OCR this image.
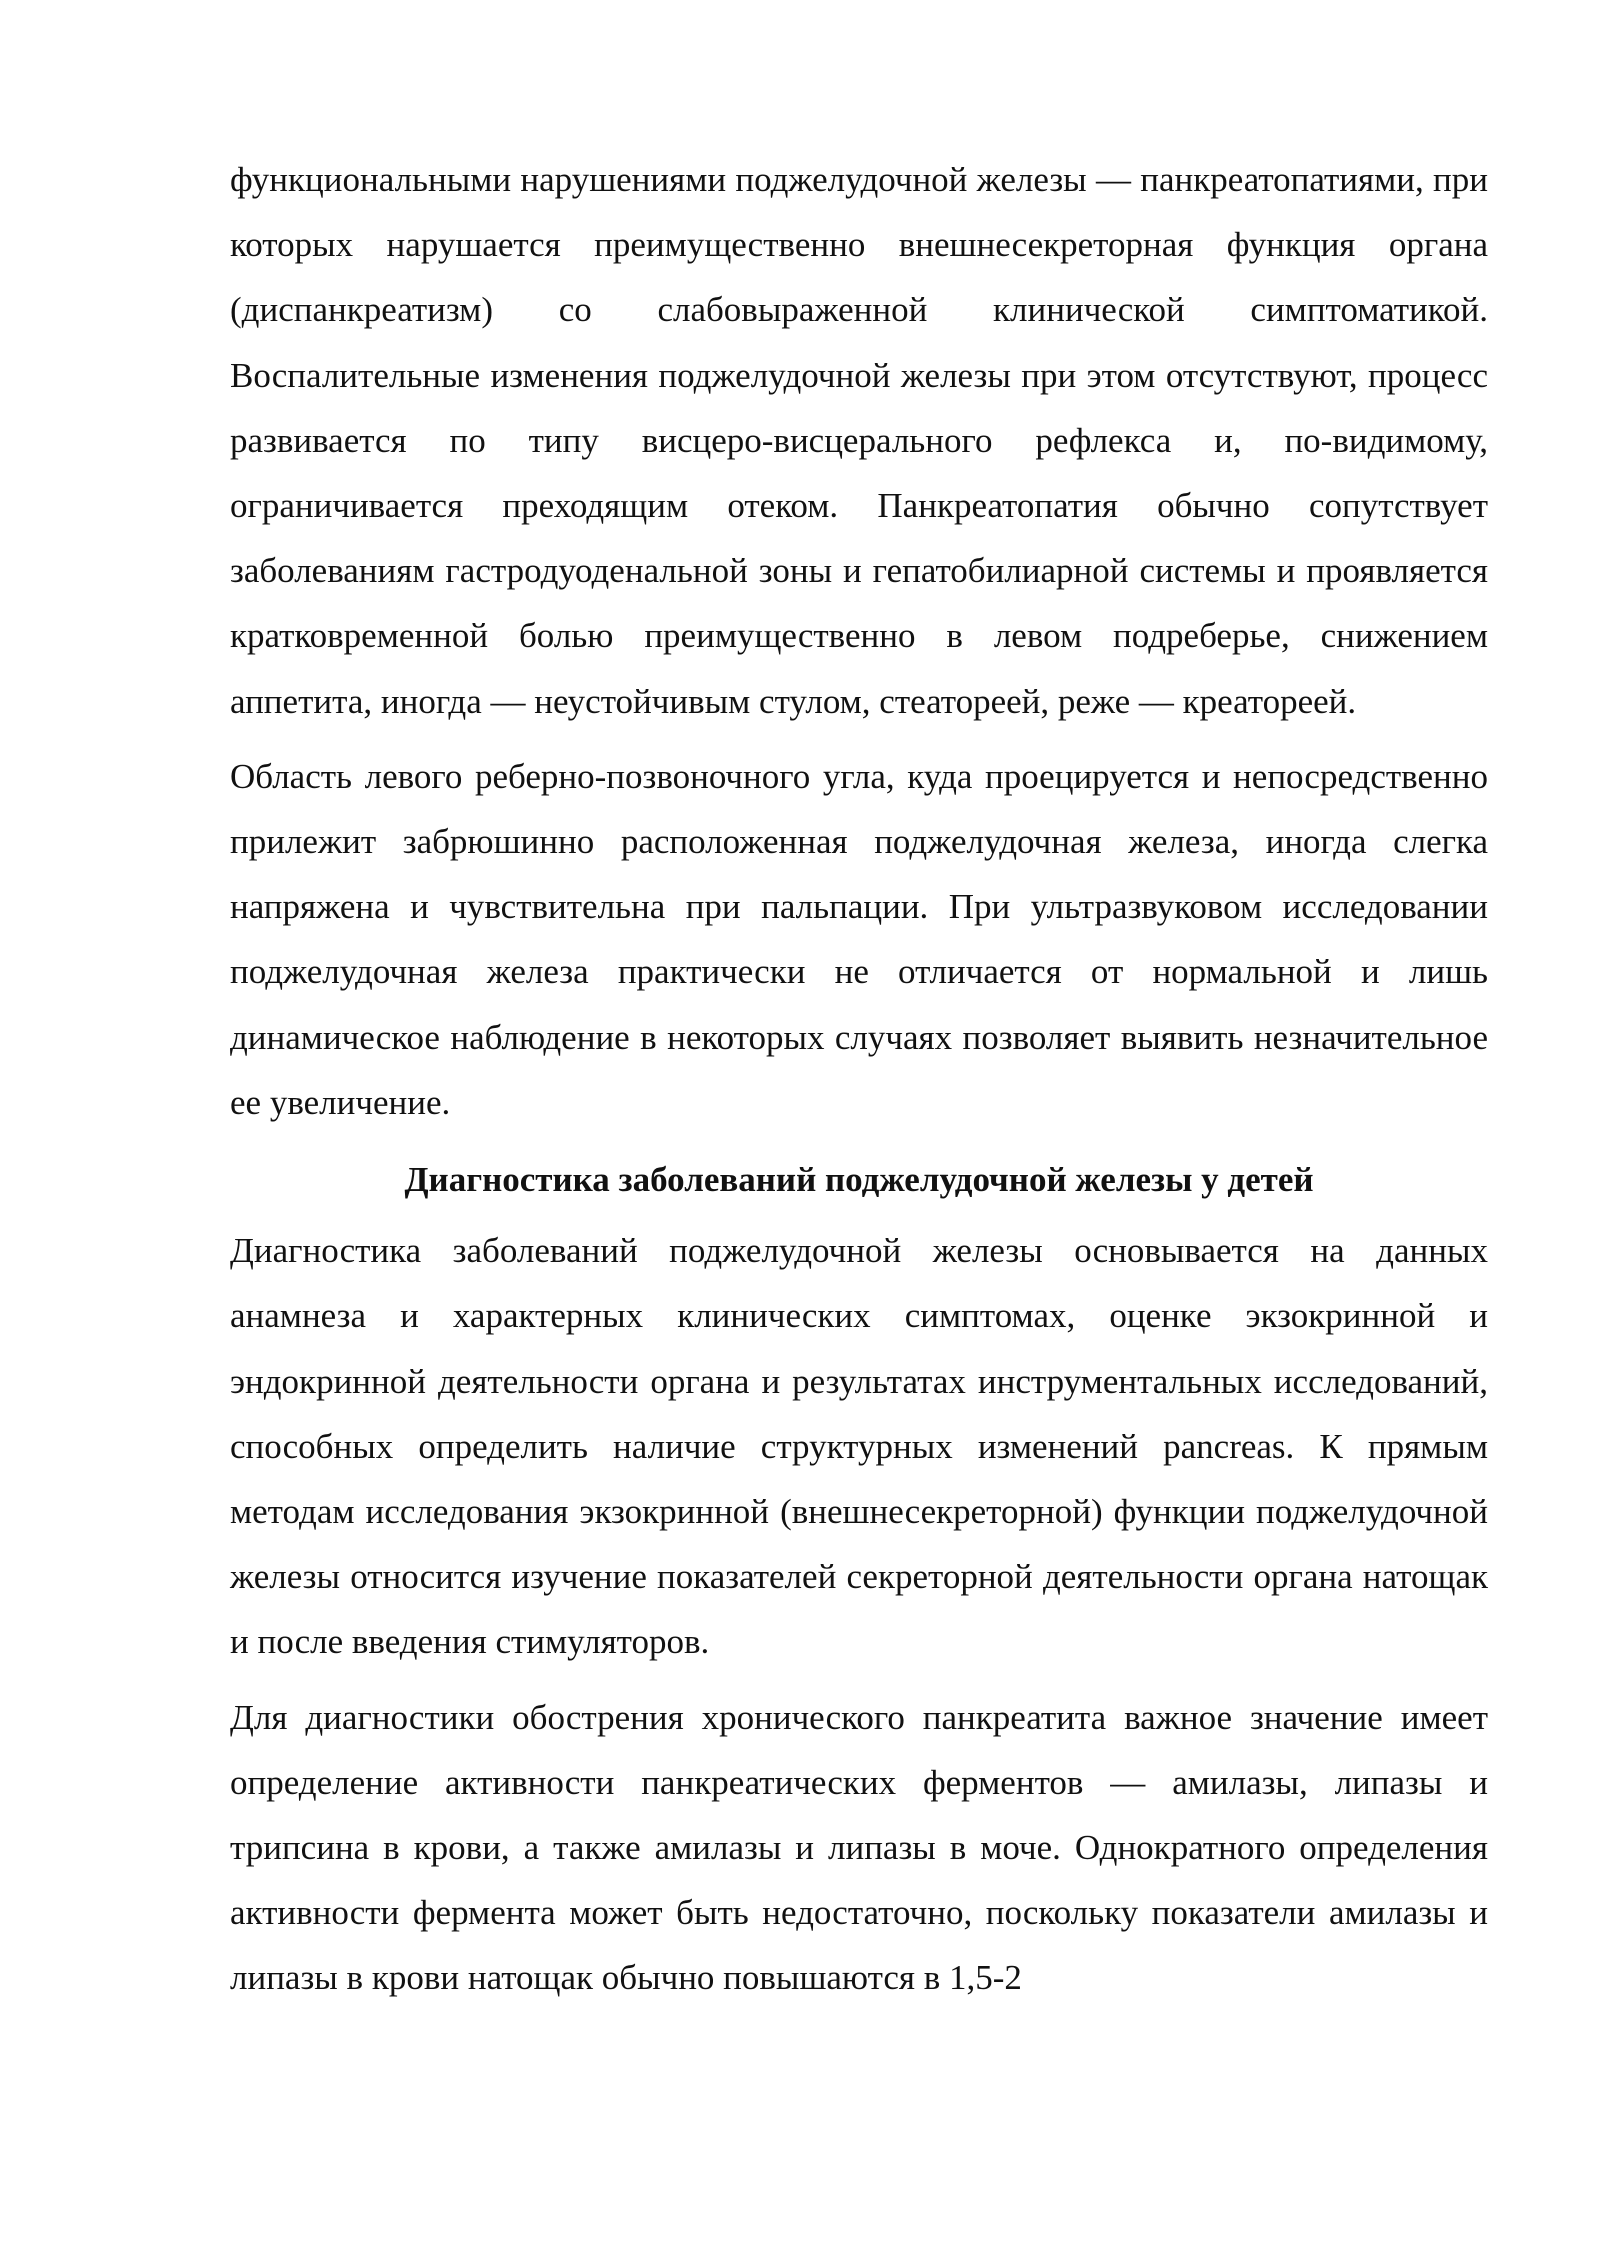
функциональными нарушениями поджелудочной железы — панкреатопатиями, при которых нарушается преимущественно внешнесекреторная функция органа (диспанкреатизм) со слабовыраженной клинической симптоматикой. Воспалительные изменения поджелудочной железы при этом отсутствуют, процесс развивается по типу висцеро-висцерального рефлекса и, по-видимому, ограничивается преходящим отеком. Панкреатопатия обычно сопутствует заболеваниям гастродуоденальной зоны и гепатобилиарной системы и проявляется кратковременной болью преимущественно в левом подреберье, снижением аппетита, иногда — неустойчивым стулом, стеатореей, реже — креатореей.

Область левого реберно-позвоночного угла, куда проецируется и непосредственно прилежит забрюшинно расположенная поджелудочная железа, иногда слегка напряжена и чувствительна при пальпации. При ультразвуковом исследовании поджелудочная железа практически не отличается от нормальной и лишь динамическое наблюдение в некоторых случаях позволяет выявить незначительное ее увеличение.

Диагностика заболеваний поджелудочной железы у детей

Диагностика заболеваний поджелудочной железы основывается на данных анамнеза и характерных клинических симптомах, оценке экзокринной и эндокринной деятельности органа и результатах инструментальных исследований, способных определить наличие структурных изменений pancreas. К прямым методам исследования экзокринной (внешнесекреторной) функции поджелудочной железы относится изучение показателей секреторной деятельности органа натощак и после введения стимуляторов.

Для диагностики обострения хронического панкреатита важное значение имеет определение активности панкреатических ферментов — амилазы, липазы и трипсина в крови, а также амилазы и липазы в моче. Однократного определения активности фермента может быть недостаточно, поскольку показатели амилазы и липазы в крови натощак обычно повышаются в 1,5-2
